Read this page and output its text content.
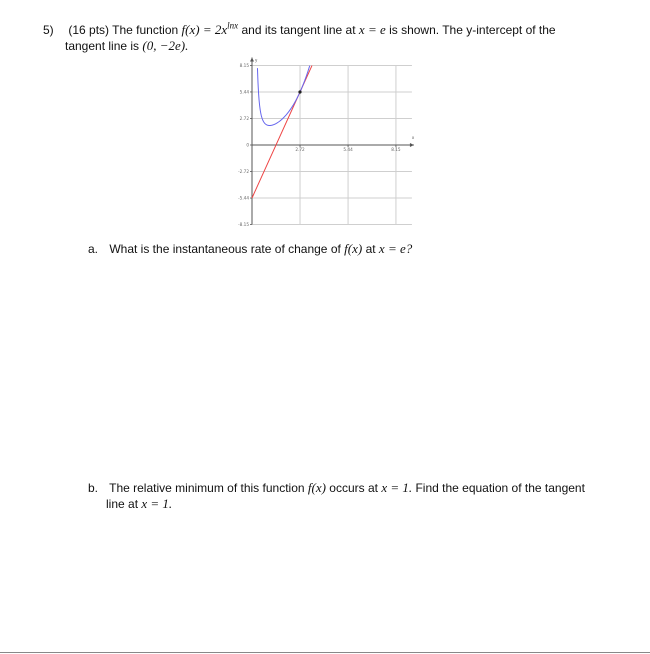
5) (16 pts) The function $f(x) = 2x^{lnx}$ and its tangent line at x = e is shown. The y-intercept of the
tangent line is (0, −2e).
x
y
8.15
5.44
2.72
0
-2.72
-5.44
-8.15
2.72	5.44	8.15
a. What is the instantaneous rate of change of f(x) at x = e?
b. The relative minimum of this function f(x) occurs at x = 1. Find the equation of the tangent
line at x = 1.
